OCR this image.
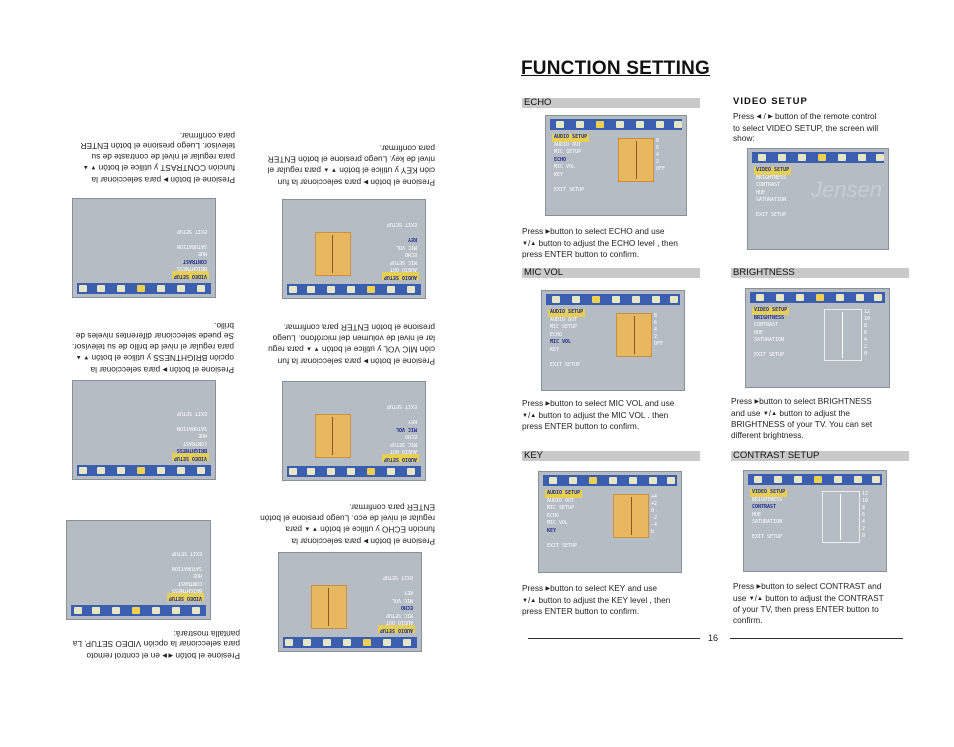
FUNCTION SETTING
ECHO
AUDIO SETUP
AUDIO OUT
MIC SETUP
ECHO
MIC VOL
KEY
EXIT SETUP
8
6
4
2
OFF
Press ▶button to select ECHO and use
▼/▲ button to adjust the ECHO level , then
press ENTER button to confirm.
MIC VOL
AUDIO SETUP
AUDIO OUT
MIC SETUP
ECHO
MIC VOL
KEY
EXIT SETUP
8
6
4
2
OFF
Press ▶button to select MIC VOL and use
▼/▲ button to adjust the MIC VOL . then
press ENTER button to confirm.
KEY
AUDIO SETUP
AUDIO OUT
MIC SETUP
ECHO
MIC VOL
KEY
EXIT SETUP
+4
+2
0
-2
-4
b
Press ▶button to select KEY and use
▼/▲ button to adjust the KEY level , then
press ENTER button to confirm.
VIDEO SETUP
Press ◀ / ▶ button of the remote control
to select VIDEO SETUP, the screen will
show:
VIDEO SETUP
BRIGHTNESS
CONTRAST
HUE
SATURATION
EXIT SETUP
Jensen
BRIGHTNESS
VIDEO SETUP
BRIGHTNESS
CONTRAST
HUE
SATURATION
EXIT SETUP
12
10
8
6
4
2
0
Press ▶button to select BRIGHTNESS
and use ▼/▲ button to adjust the
BRIGHTNESS of your TV. You can set
different brightness.
CONTRAST SETUP
VIDEO SETUP
BRIGHTNESS
CONTRAST
HUE
SATURATION
EXIT SETUP
12
10
8
6
4
2
0
Press ▶button to select CONTRAST and
use ▼/▲ button to adjust the CONTRAST
of your TV, then press ENTER button to
confirm.
16
VIDEO SETUP
BRIGHTNESS
CONTRAST
HUE
SATURATION
EXIT SETUP
Presione el botón ◀ ▶ en el control remoto
para seleccionar la opción VIDEO SETUP. La
pantalla mostrará:
VIDEO SETUP
BRIGHTNESS
CONTRAST
HUE
SATURATION
EXIT SETUP
Presione el botón ▶ para seleccionar la
opción BRIGHTNESS y utilice el botón ▼ ▲
para regular el nivel de brillo de su televisor.
Se puede seleccionar diferentes niveles de
brillo.
VIDEO SETUP
BRIGHTNESS
CONTRAST
HUE
SATURATION
EXIT SETUP
Presione el botón ▶ para seleccionar la
función CONTRAST y utilice el botón ▼ ▲
para regular el nivel de contraste de su
televisor. Luego presione el botón ENTER
para confirmar.
AUDIO SETUP
AUDIO OUT
MIC SETUP
ECHO
MIC VOL
KEY
EXIT SETUP
Presione el botón ▶ para seleccionar la
función ECHO y utilice el botón ▼ ▲ para
regular el nivel de eco. Luego presione el botón
ENTER para confirmar.
AUDIO SETUP
AUDIO OUT
MIC SETUP
ECHO
MIC VOL
KEY
EXIT SETUP
Presione el botón ▶ para seleccionar la fun
ción MIC VOL y utilice el botón ▼ ▲ para regu
lar el nivel de volumen del micrófono. Luego
presione el botón ENTER para confirmar.
AUDIO SETUP
AUDIO OUT
MIC SETUP
ECHO
MIC VOL
KEY
EXIT SETUP
Presione el botón ▶ para seleccionar la fun
ción KEY y utilice el botón ▼ ▲ para regular el
nivel de key. Luego presione el botón ENTER
para confirmar.
